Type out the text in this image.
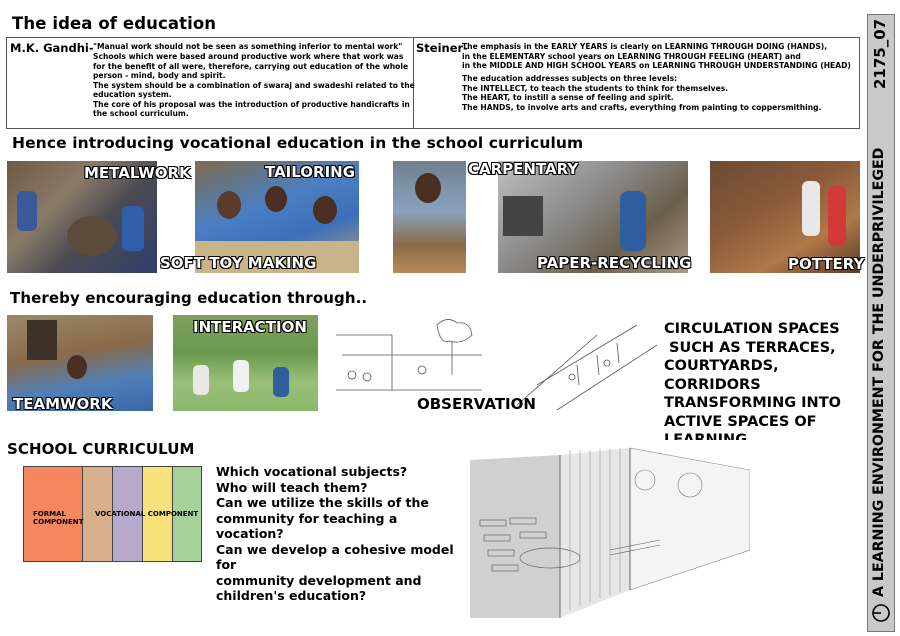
The idea of education
M.K. Gandhi- "Manual work should not be seen as something inferior to mental work"
Schools which were based around productive work where that work was
for the benefit of all were, therefore, carrying out education of the whole
person - mind, body and spirit.
The system should be a combination of swaraj and swadeshi related to the
education system.
The core of his proposal was the introduction of productive handicrafts in
the school curriculum.
Steiner-
The emphasis in the EARLY YEARS is clearly on LEARNING THROUGH DOING (HANDS),
in the ELEMENTARY school years on LEARNING THROUGH FEELING (HEART) and
in the MIDDLE AND HIGH SCHOOL YEARS on LEARNING THROUGH UNDERSTANDING (HEAD)
The education addresses subjects on three levels:
The INTELLECT, to teach the students to think for themselves.
The HEART, to instill a sense of feeling and spirit.
The HANDS, to involve arts and crafts, everything from painting to coppersmithing.
Hence introducing vocational education in the school curriculum
METALWORK	TAILORING	CARPENTARY
SOFT TOY MAKING	PAPER-RECYCLING	POTTERY
Thereby encouraging education through..
TEAMWORK
INTERACTION
OBSERVATION
CIRCULATION SPACES
SUCH AS TERRACES,
COURTYARDS,
CORRIDORS
TRANSFORMING INTO
ACTIVE SPACES OF
SCHOOL CURRICULUM
FORMAL
COMPONENT
VOCATIONAL COMPONENT
Which vocational subjects?
Who will teach them?
Can we utilize the skills of the
community for teaching a vocation?
Can we develop a cohesive model for
community development and
children's education?
2175_07
A LEARNING ENVIRONMENT FOR THE UNDERPRIVILEGED
